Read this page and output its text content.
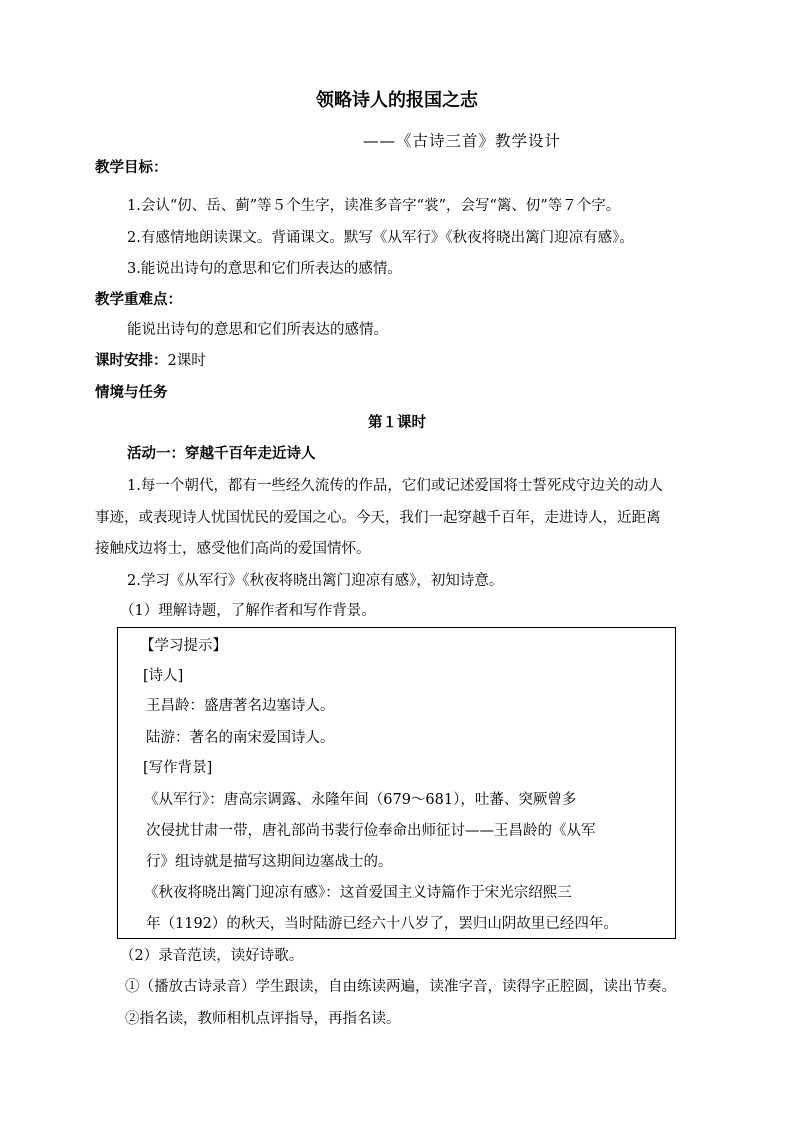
领略诗人的报国之志
——《古诗三首》教学设计
教学目标：
1.会认“仞、岳、蓟”等５个生字，读准多音字“裳”，会写“篱、仞”等７个字。
2.有感情地朗读课文。背诵课文。默写《从军行》《秋夜将晓出篱门迎凉有感》。
3.能说出诗句的意思和它们所表达的感情。
教学重难点：
能说出诗句的意思和它们所表达的感情。
课时安排：2课时
情境与任务
第１课时
活动一：穿越千百年走近诗人
1.每一个朝代，都有一些经久流传的作品，它们或记述爱国将士誓死戍守边关的动人
事迹，或表现诗人忧国忧民的爱国之心。今天，我们一起穿越千百年，走进诗人，近距离
接触戍边将士，感受他们高尚的爱国情怀。
2.学习《从军行》《秋夜将晓出篱门迎凉有感》，初知诗意。
（1）理解诗题，了解作者和写作背景。
【学习提示】
[诗人]
王昌龄：盛唐著名边塞诗人。
陆游：著名的南宋爱国诗人。
[写作背景]
《从军行》：唐高宗调露、永隆年间（679～681），吐蕃、突厥曾多
次侵扰甘肃一带，唐礼部尚书裴行俭奉命出师征讨——王昌龄的《从军
行》组诗就是描写这期间边塞战士的。
《秋夜将晓出篱门迎凉有感》：这首爱国主义诗篇作于宋光宗绍熙三
年（1192）的秋天，当时陆游已经六十八岁了，罢归山阴故里已经四年。
（2）录音范读，读好诗歌。
①（播放古诗录音）学生跟读，自由练读两遍，读准字音，读得字正腔圆，读出节奏。
②指名读，教师相机点评指导，再指名读。
